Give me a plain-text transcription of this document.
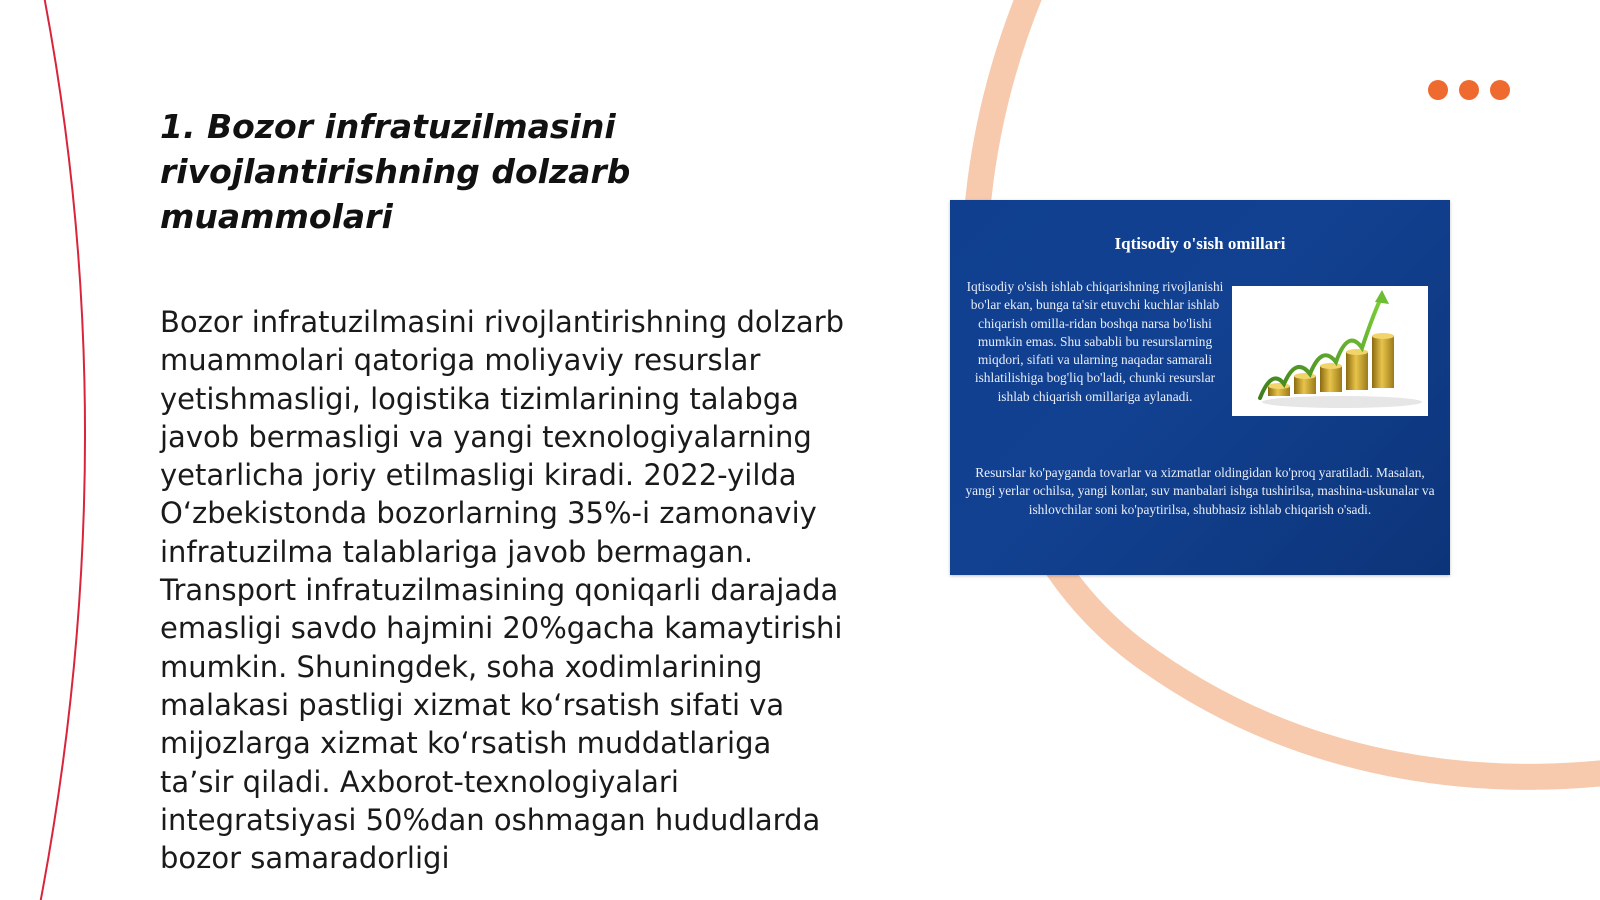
1. Bozor infratuzilmasini rivojlantirishning dolzarb muammolari

Bozor infratuzilmasini rivojlantirishning dolzarb muammolari qatoriga moliyaviy resurslar yetishmasligi, logistika tizimlarining talabga javob bermasligi va yangi texnologiyalarning yetarlicha joriy etilmasligi kiradi. 2022-yilda O‘zbekistonda bozorlarning 35%-i zamonaviy infratuzilma talablariga javob bermagan. Transport infratuzilmasining qoniqarli darajada emasligi savdo hajmini 20%gacha kamaytirishi mumkin. Shuningdek, soha xodimlarining malakasi pastligi xizmat ko‘rsatish sifati va mijozlarga xizmat ko‘rsatish muddatlariga ta’sir qiladi. Axborot-texnologiyalari integratsiyasi 50%dan oshmagan hududlarda bozor samaradorligi

Iqtisodiy o'sish omillari
Iqtisodiy o'sish ishlab chiqarishning rivojlanishi bo'lar ekan, bunga ta'sir etuvchi kuchlar ishlab chiqarish omilla-ridan boshqa narsa bo'lishi mumkin emas. Shu sababli bu resurslarning miqdori, sifati va ularning naqadar samarali ishlatilishiga bog'liq bo'ladi, chunki resurslar ishlab chiqarish omillariga aylanadi.
Resurslar ko'payganda tovarlar va xizmatlar oldingidan ko'proq yaratiladi. Masalan, yangi yerlar ochilsa, yangi konlar, suv manbalari ishga tushirilsa, mashina-uskunalar va ishlovchilar soni ko'paytirilsa, shubhasiz ishlab chiqarish o'sadi.
